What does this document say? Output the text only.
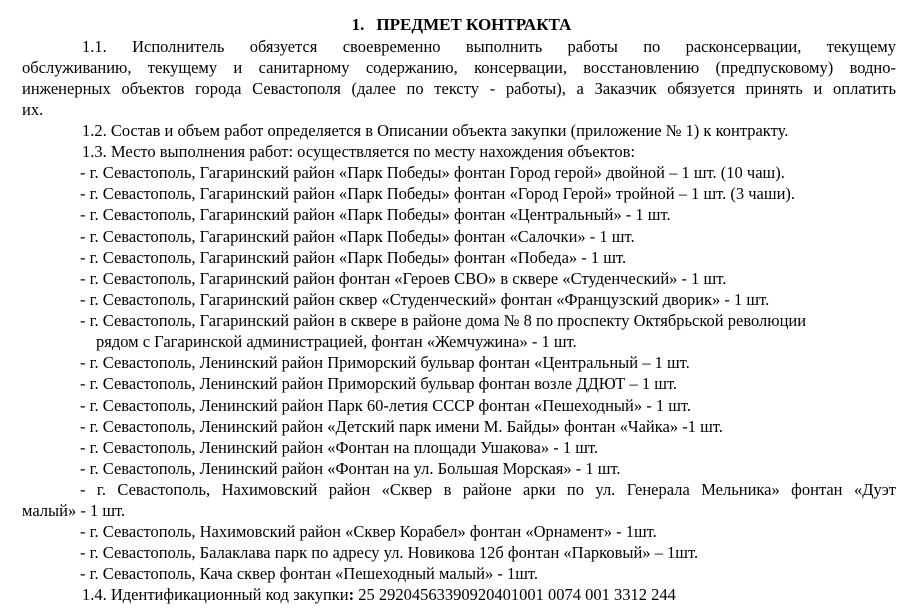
1. ПРЕДМЕТ КОНТРАКТА
1.1. Исполнитель обязуется своевременно выполнить работы по расконсервации, текущему
обслуживанию, текущему и санитарному содержанию, консервации, восстановлению (предпусковому) водно-
инженерных объектов города Севастополя (далее по тексту - работы), а Заказчик обязуется принять и оплатить
их.
1.2. Состав и объем работ определяется в Описании объекта закупки (приложение № 1) к контракту.
1.3. Место выполнения работ: осуществляется по месту нахождения объектов:
- г. Севастополь, Гагаринский район «Парк Победы» фонтан Город герой» двойной – 1 шт. (10 чаш).
- г. Севастополь, Гагаринский район «Парк Победы» фонтан «Город Герой» тройной – 1 шт. (3 чаши).
- г. Севастополь, Гагаринский район «Парк Победы» фонтан «Центральный» - 1 шт.
- г. Севастополь, Гагаринский район «Парк Победы» фонтан «Салочки» - 1 шт.
- г. Севастополь, Гагаринский район «Парк Победы» фонтан «Победа» - 1 шт.
- г. Севастополь, Гагаринский район фонтан «Героев СВО» в сквере «Студенческий» - 1 шт.
- г. Севастополь, Гагаринский район сквер «Студенческий» фонтан «Французский дворик» - 1 шт.
- г. Севастополь, Гагаринский район в сквере в районе дома № 8 по проспекту Октябрьской революции
рядом с Гагаринской администрацией, фонтан «Жемчужина» - 1 шт.
- г. Севастополь, Ленинский район Приморский бульвар фонтан «Центральный – 1 шт.
- г. Севастополь, Ленинский район Приморский бульвар фонтан возле ДДЮТ – 1 шт.
- г. Севастополь, Ленинский район Парк 60-летия СССР фонтан «Пешеходный» - 1 шт.
- г. Севастополь, Ленинский район «Детский парк имени М. Байды» фонтан «Чайка» -1 шт.
- г. Севастополь, Ленинский район «Фонтан на площади Ушакова» - 1 шт.
- г. Севастополь, Ленинский район «Фонтан на ул. Большая Морская» - 1 шт.
- г. Севастополь, Нахимовский район «Сквер в районе арки по ул. Генерала Мельника» фонтан «Дуэт
малый» - 1 шт.
- г. Севастополь, Нахимовский район «Сквер Корабел» фонтан «Орнамент» - 1шт.
- г. Севастополь, Балаклава парк по адресу ул. Новикова 12б фонтан «Парковый» – 1шт.
- г. Севастополь, Кача сквер фонтан «Пешеходный малый» - 1шт.
1.4. Идентификационный код закупки: 25 29204563390920401001 0074 001 3312 244
